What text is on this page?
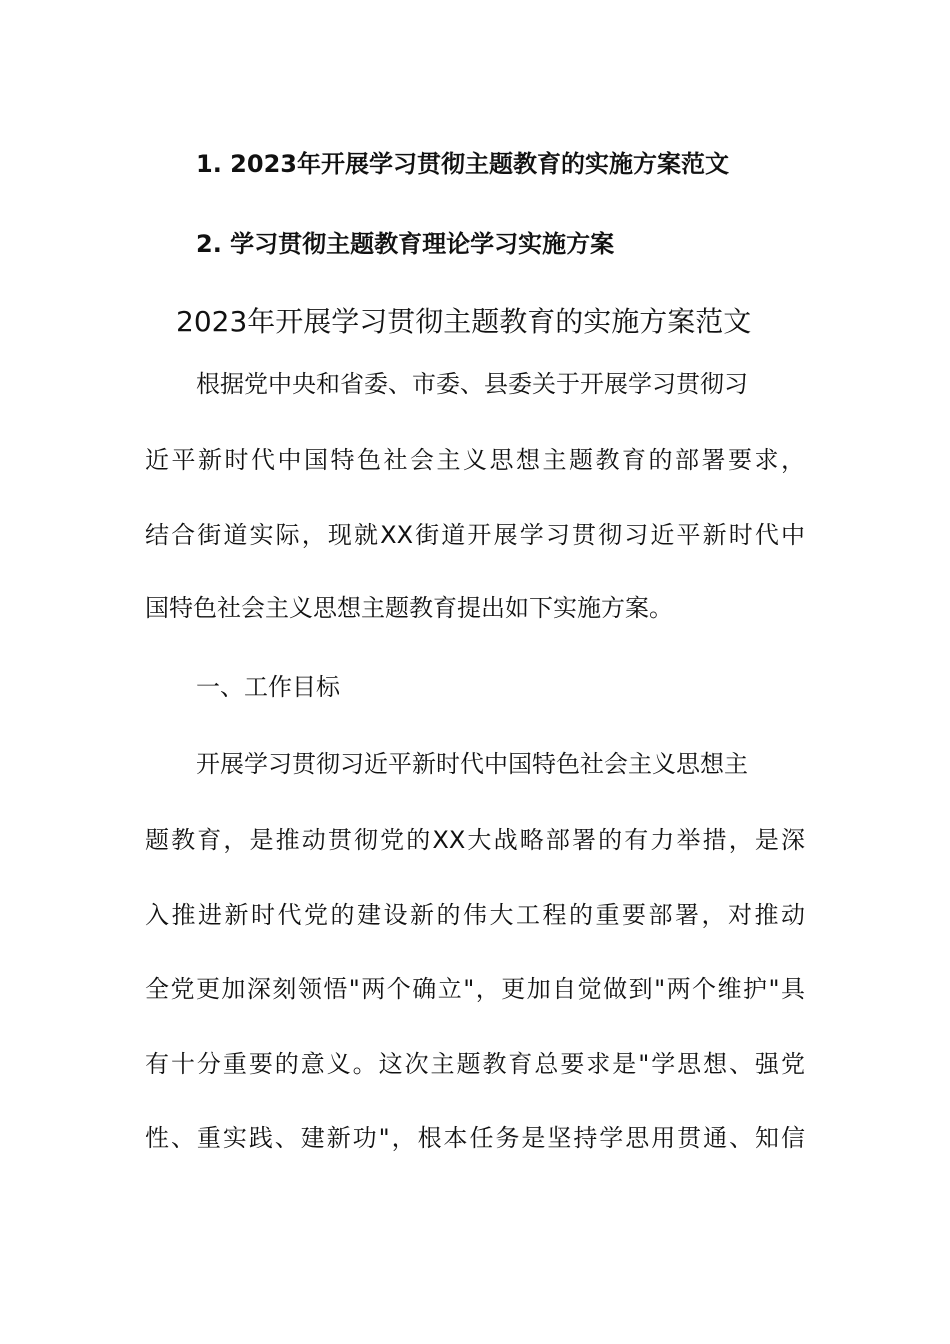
1. 2023年开展学习贯彻主题教育的实施方案范文
2. 学习贯彻主题教育理论学习实施方案
2023年开展学习贯彻主题教育的实施方案范文
根据党中央和省委、市委、县委关于开展学习贯彻习
近平新时代中国特色社会主义思想主题教育的部署要求，
结合街道实际，现就XX街道开展学习贯彻习近平新时代中
国特色社会主义思想主题教育提出如下实施方案。
一、工作目标
开展学习贯彻习近平新时代中国特色社会主义思想主
题教育，是推动贯彻党的XX大战略部署的有力举措，是深
入推进新时代党的建设新的伟大工程的重要部署，对推动
全党更加深刻领悟"两个确立"，更加自觉做到"两个维护"具
有十分重要的意义。这次主题教育总要求是"学思想、强党
性、重实践、建新功"，根本任务是坚持学思用贯通、知信
